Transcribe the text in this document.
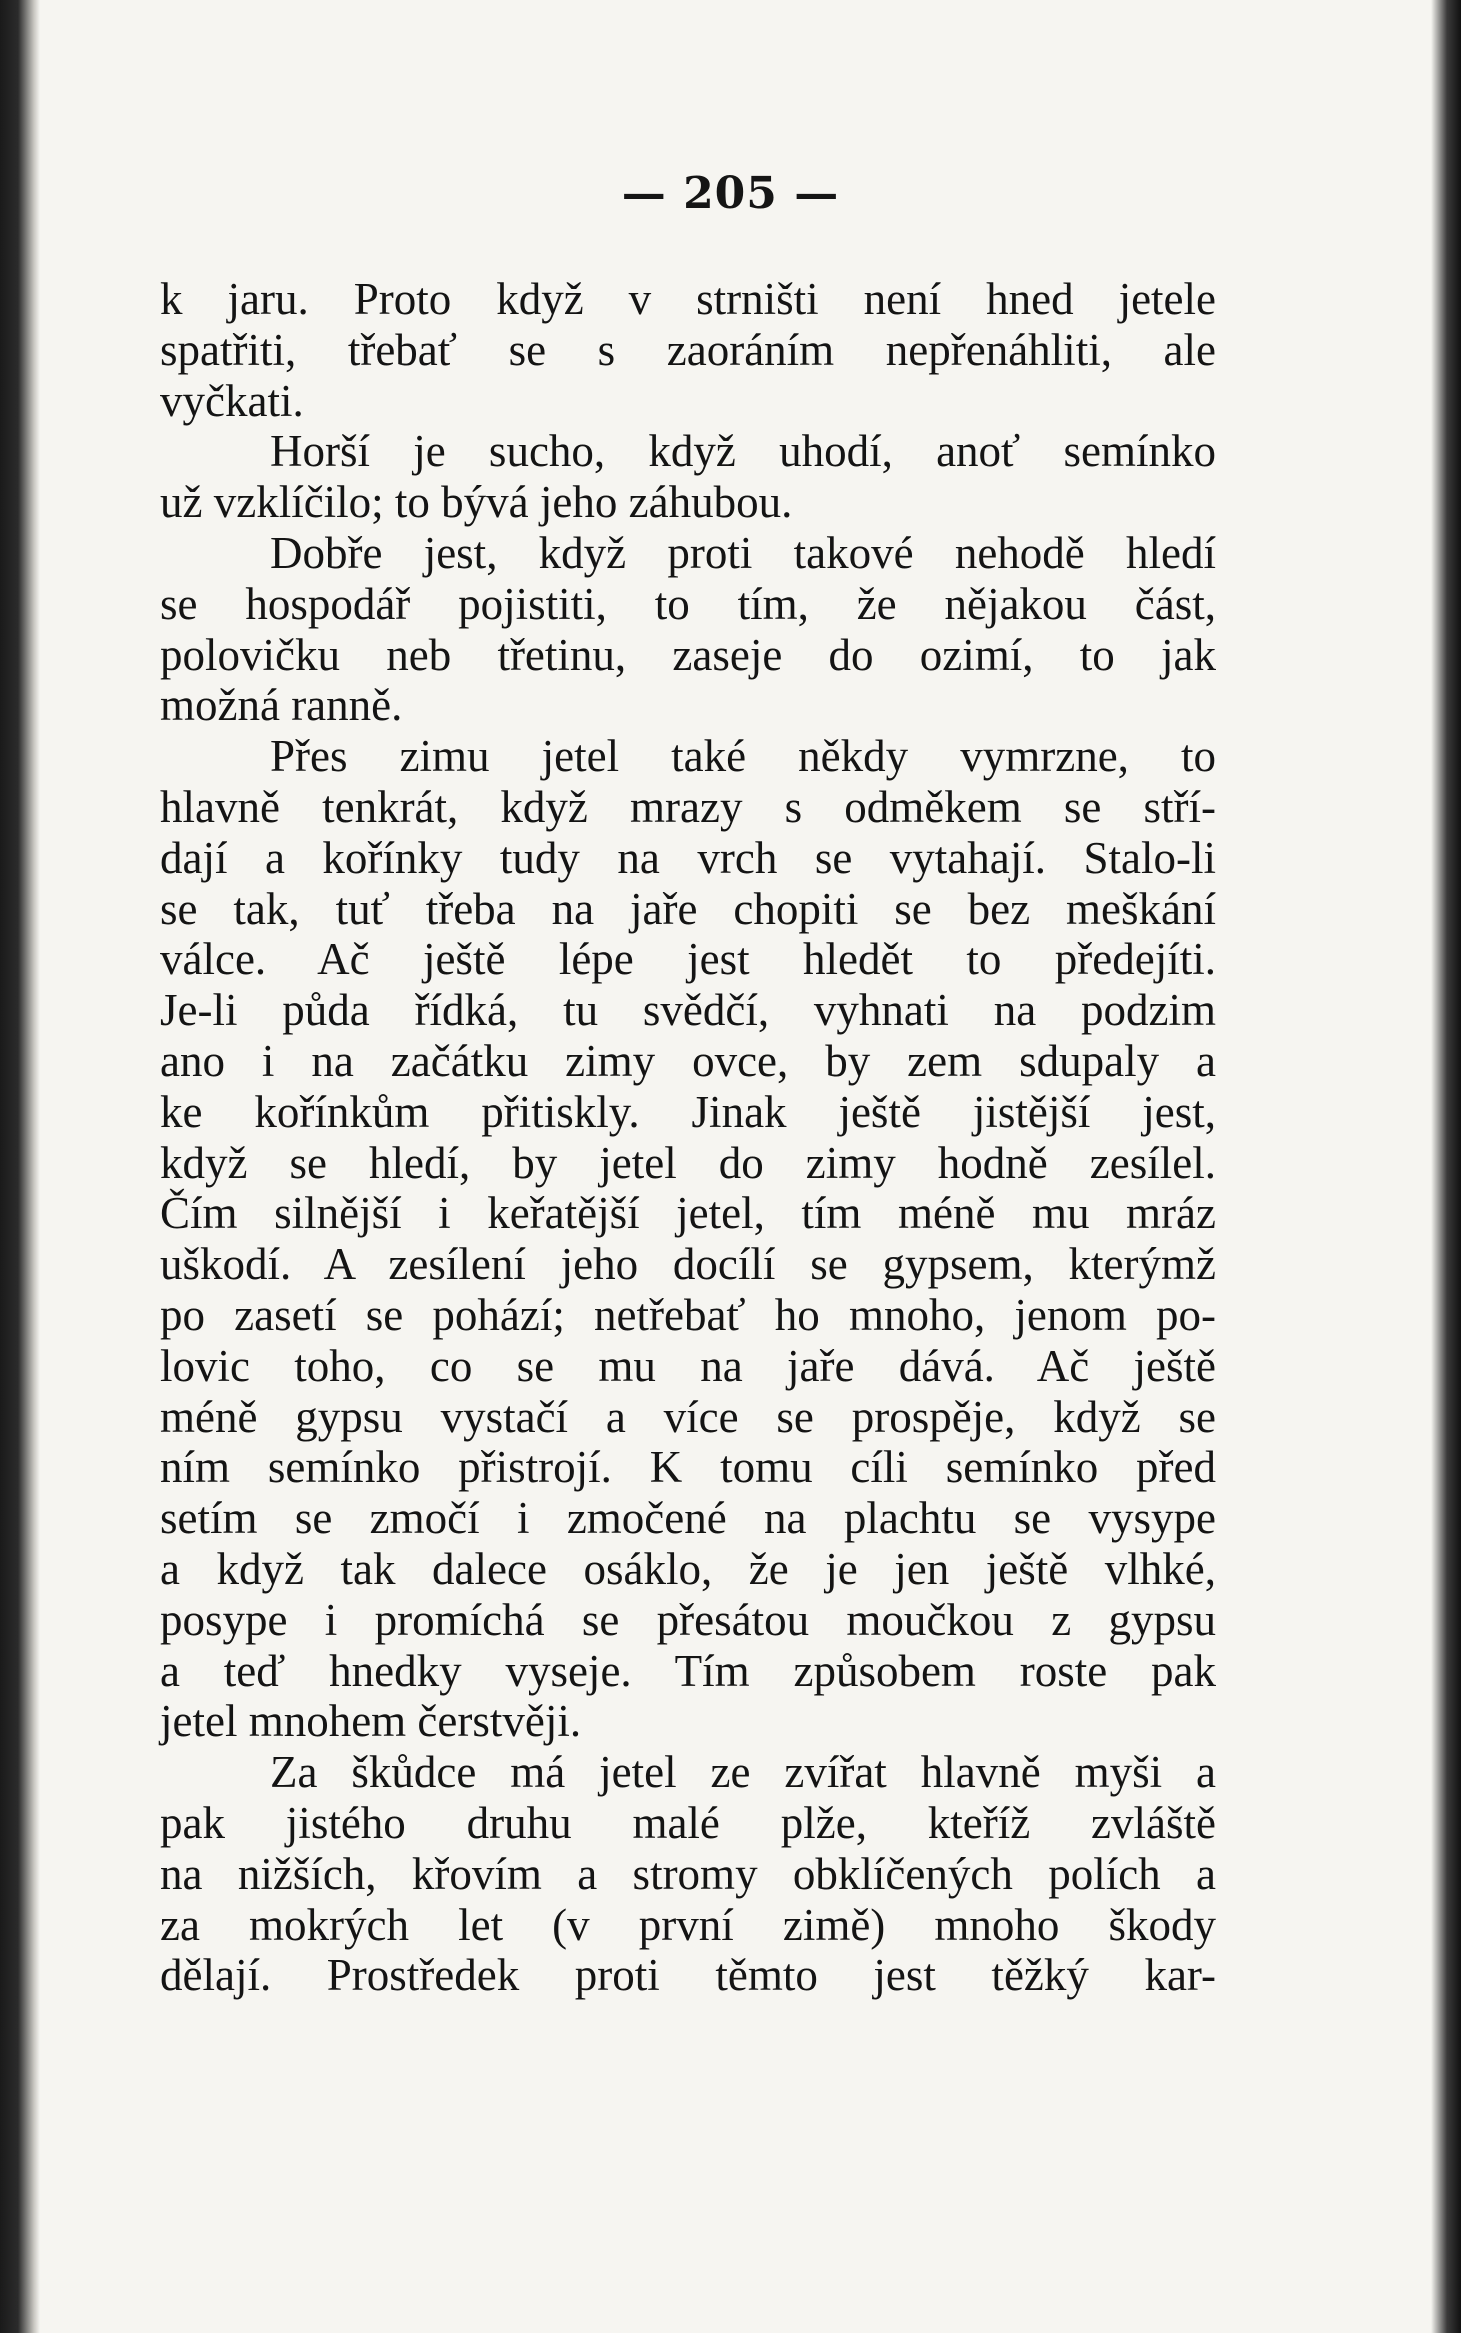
— 205 —
k jaru. Proto když v strništi není hned jetele
spatřiti, třebať se s zaoráním nepřenáhliti, ale
vyčkati.
Horší je sucho, když uhodí, anoť semínko
už vzklíčilo; to bývá jeho záhubou.
Dobře jest, když proti takové nehodě hledí
se hospodář pojistiti, to tím, že nějakou část,
polovičku neb třetinu, zaseje do ozimí, to jak
možná ranně.
Přes zimu jetel také někdy vymrzne, to
hlavně tenkrát, když mrazy s odměkem se stří-
dají a kořínky tudy na vrch se vytahají. Stalo-li
se tak, tuť třeba na jaře chopiti se bez meškání
válce. Ač ještě lépe jest hledět to předejíti.
Je-li půda řídká, tu svědčí, vyhnati na podzim
ano i na začátku zimy ovce, by zem sdupaly a
ke kořínkům přitiskly. Jinak ještě jistější jest,
když se hledí, by jetel do zimy hodně zesílel.
Čím silnější i keřatější jetel, tím méně mu mráz
uškodí. A zesílení jeho docílí se gypsem, kterýmž
po zasetí se pohází; netřebať ho mnoho, jenom po-
lovic toho, co se mu na jaře dává. Ač ještě
méně gypsu vystačí a více se prospěje, když se
ním semínko přistrojí. K tomu cíli semínko před
setím se zmočí i zmočené na plachtu se vysype
a když tak dalece osáklo, že je jen ještě vlhké,
posype i promíchá se přesátou moučkou z gypsu
a teď hnedky vyseje. Tím způsobem roste pak
jetel mnohem čerstvěji.
Za škůdce má jetel ze zvířat hlavně myši a
pak jistého druhu malé plže, kteříž zvláště
na nižších, křovím a stromy obklíčených polích a
za mokrých let (v první zimě) mnoho škody
dělají. Prostředek proti těmto jest těžký kar-
